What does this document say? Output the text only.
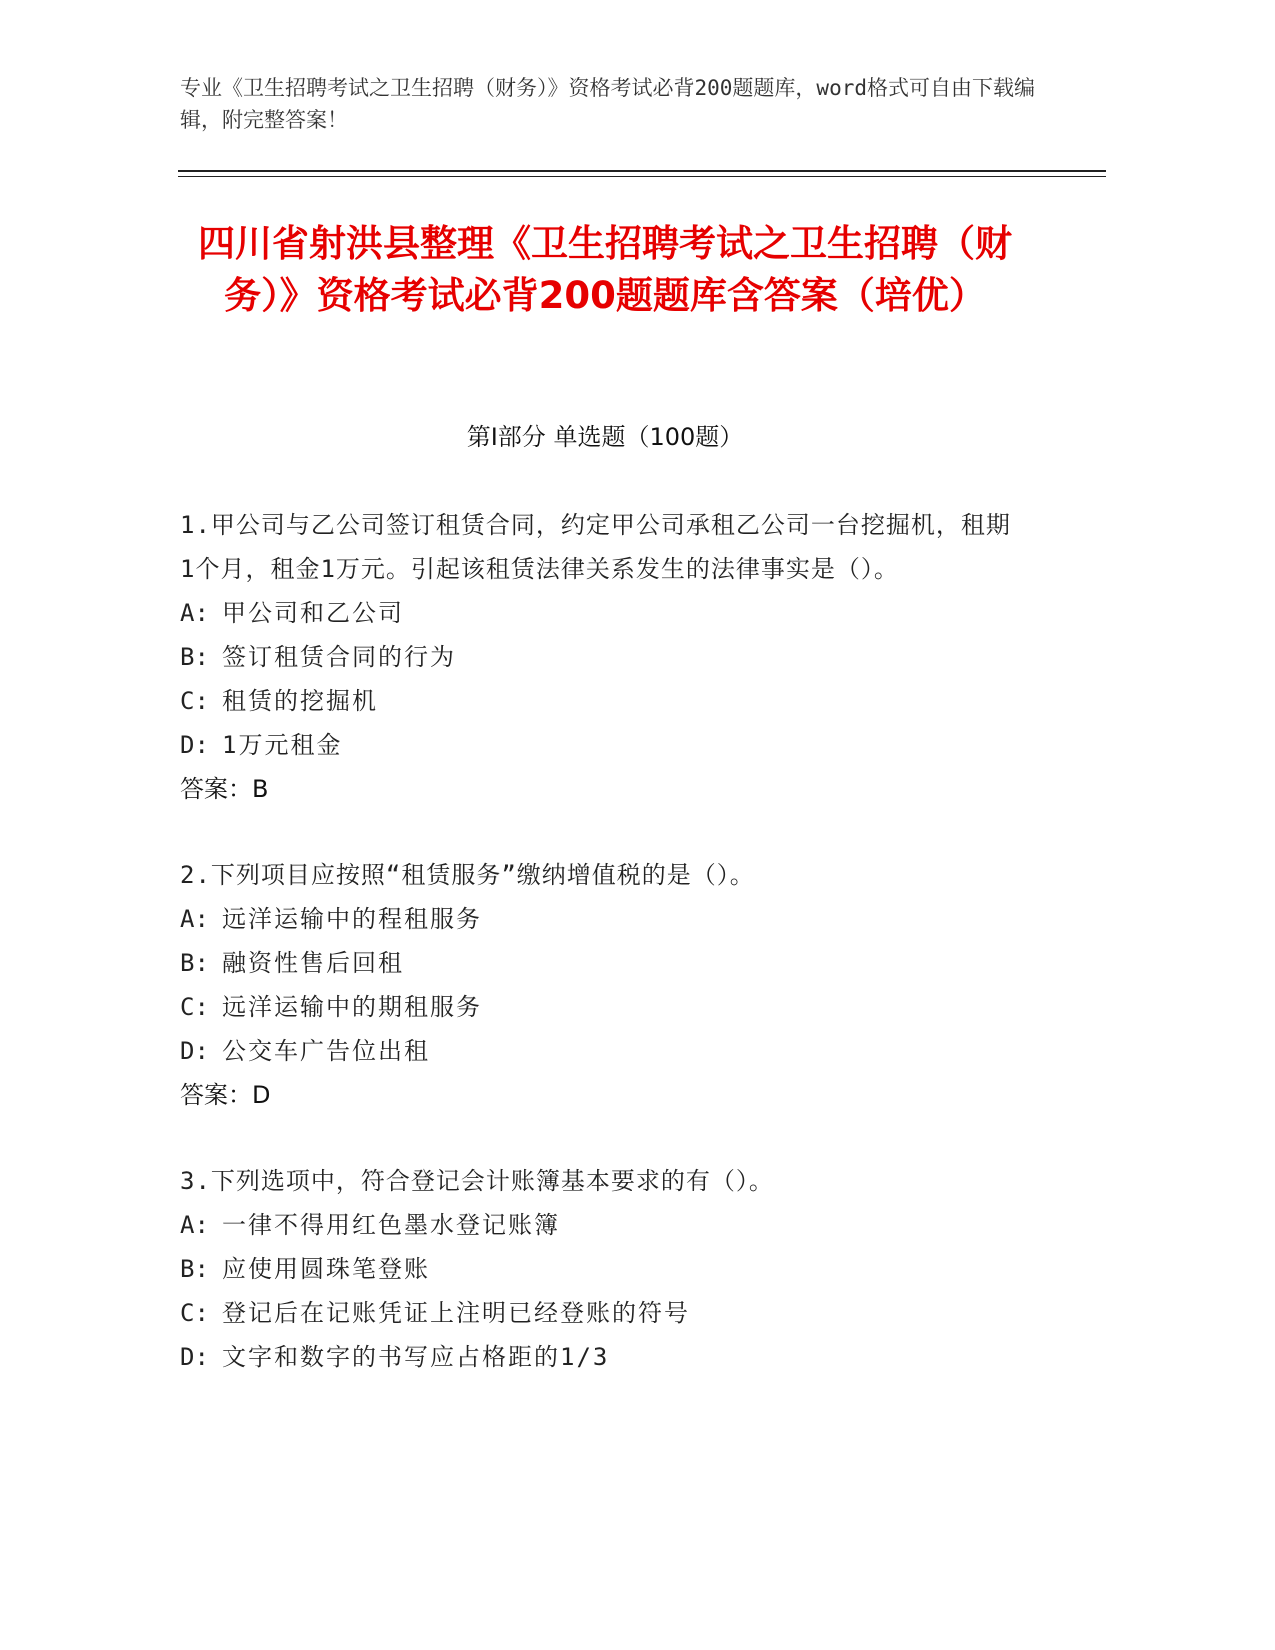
专业《卫生招聘考试之卫生招聘（财务）》资格考试必背200题题库，word格式可自由下载编辑，附完整答案！
四川省射洪县整理《卫生招聘考试之卫生招聘（财务）》资格考试必背200题题库含答案（培优）
第Ⅰ部分 单选题（100题）
1.甲公司与乙公司签订租赁合同，约定甲公司承租乙公司一台挖掘机，租期1个月，租金1万元。引起该租赁法律关系发生的法律事实是（）。
A: 甲公司和乙公司
B: 签订租赁合同的行为
C: 租赁的挖掘机
D: 1万元租金
答案：B
2.下列项目应按照“租赁服务”缴纳增值税的是（）。
A: 远洋运输中的程租服务
B: 融资性售后回租
C: 远洋运输中的期租服务
D: 公交车广告位出租
答案：D
3.下列选项中，符合登记会计账簿基本要求的有（）。
A: 一律不得用红色墨水登记账簿
B: 应使用圆珠笔登账
C: 登记后在记账凭证上注明已经登账的符号
D: 文字和数字的书写应占格距的1/3
